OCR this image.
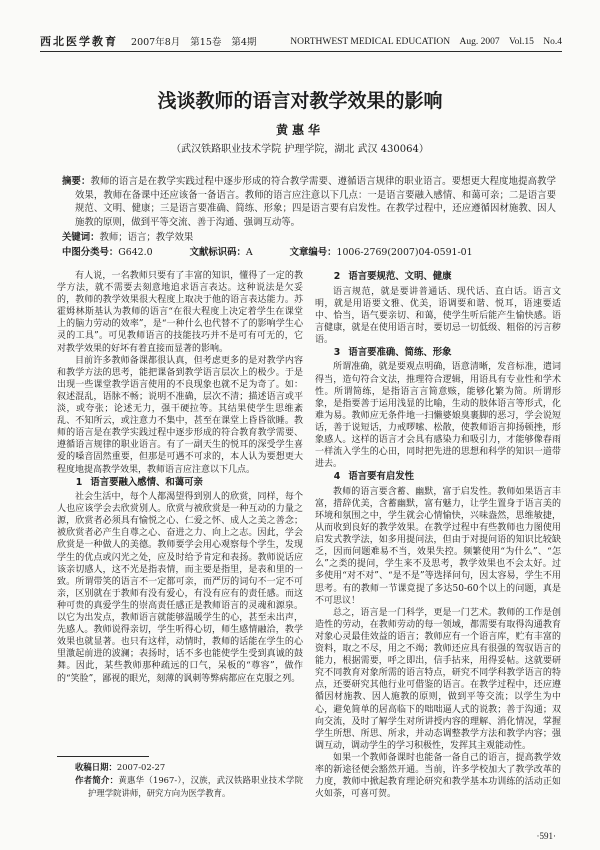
西北医学教育 2007年8月 第15卷 第4期	NORTHWEST MEDICAL EDUCATION Aug. 2007 Vol.15 No.4
浅谈教师的语言对教学效果的影响
黄惠华
（武汉铁路职业技术学院 护理学院，湖北 武汉 430064）
摘要：教师的语言是在教学实践过程中逐步形成的符合教学需要、遵循语言规律的职业语言。要想更大程度地提高教学效果，教师在备课中还应该备一备语言。教师的语言应注意以下几点：一是语言要融入感情、和蔼可亲；二是语言要规范、文明、健康；三是语言要准确、简练、形象；四是语言要有启发性。在教学过程中，还应遵循因材施教、因人施教的原则，做到平等交流、善于沟通、强调互动等。
关键词：教师；语言；教学效果
中图分类号：G642.0	文献标识码：A	文章编号：1006-2769(2007)04-0591-01

有人说，一名教师只要有了丰富的知识，懂得了一定的教学方法，就不需要去刻意地追求语言表达。这种说法是欠妥的，教师的教学效果很大程度上取决于他的语言表达能力。苏霍姆林斯基认为教师的语言“在很大程度上决定着学生在课堂上的脑力劳动的效率”，是“一种什么也代替不了的影响学生心灵的工具”。可见教师语言的技能技巧并不是可有可无的，它对教学效果的好坏有着直接而显著的影响。

目前许多教师备课都很认真，但考虑更多的是对教学内容和教学方法的思考，能把课备到教学语言层次上的极少。于是出现一些课堂教学语言使用的不良现象也就不足为奇了。如：叙述混乱，语脉不畅；说明不准确，层次不清；描述语言或平淡，或夸张；论述无力，强干硬拉等。其结果使学生思维紊乱、不知所云，或注意力不集中，甚至在课堂上昏昏欲睡。教师的语言是在教学实践过程中逐步形成的符合教育教学需要、遵循语言规律的职业语言。有了一副天生的悦耳的深受学生喜爱的嗓音固然重要，但那是可遇不可求的，本人认为要想更大程度地提高教学效果，教师语言应注意以下几点。

1 语言要融入感情、和蔼可亲

社会生活中，每个人都渴望得到别人的欣赏，同样，每个人也应该学会去欣赏别人。欣赏与被欣赏是一种互动的力量之源，欣赏者必须具有愉悦之心、仁爱之怀、成人之美之善念；被欣赏者必产生自尊之心、奋进之力、向上之志。因此，学会欣赏是一种做人的美德。教师要学会用心观察每个学生，发现学生的优点或闪光之处，应及时给予肯定和表扬。教师说话应该亲切感人，这不光是指表情，而主要是指里，是表和里的一致。所谓带笑的语言不一定都可亲，而严厉的词句不一定不可亲，区别就在于教师有没有爱心，有没有应有的责任感。而这种可贵的真爱学生的崇高责任感正是教师语言的灵魂和源泉。以它为出发点，教师语言就能够温暖学生的心，甚至未出声，先感人。教师说得亲切，学生听得心切，师生感情融洽，教学效果也就显著。也只有这样，动情时，教师的话能在学生的心里激起前进的波澜；表扬时，话不多也能使学生受到真诚的鼓舞。因此，某些教师那种疏远的口气，呆板的“尊容”，做作的“笑脸”，鄙视的眼光，刻薄的讽刺等弊病都应在克服之列。

2 语言要规范、文明、健康

语言规范，就是要讲普通话、现代话、直白话。语言文明，就是用语要文雅、优美，语调要和谐、悦耳，语速要适中、恰当，语气要亲切、和蔼，使学生听后能产生愉快感。语言健康，就是在使用语言时，要切忌一切低级、粗俗的污言秽语。

3 语言要准确、简练、形象

所谓准确，就是要观点明确，语意清晰，发音标准，遣词得当，造句符合文法，推理符合逻辑，用语具有专业性和学术性。所谓简练，是指语言言简意赅，能够化繁为简。所谓形象，是指要善于运用浅显的比喻，生动的肢体语言等形式，化难为易。教师应无条件地一扫懒婆娘臭裹脚的恶习，学会说短话，善于说短话，力戒啰嗦、松散，使教师语言抑扬顿挫，形象感人。这样的语言才会具有感染力和吸引力，才能够像春雨一样流入学生的心田，同时把先进的思想和科学的知识一道带进去。

4 语言要有启发性

教师的语言要含蓄、幽默，富于启发性。教师如果语言丰富，措辞优美，含蓄幽默，富有魅力，让学生置身于语言美的环境和氛围之中，学生就会心情愉快，兴味盎然，思维敏捷，从而收到良好的教学效果。在教学过程中有些教师也力图使用启发式教学法，如多用提问法，但由于对提问语的知识比较缺乏，因而问题难易不当，效果失控。频繁使用“为什么”、“怎么”之类的提问，学生来不及思考，教学效果也不会太好。过多使用“对不对”、“是不是”等选择问句，因太容易，学生不用思考。有的教师一节课竟提了多达50-60个以上的问题，真是不可思议！

总之，语言是一门科学，更是一门艺术。教师的工作是创造性的劳动，在教师劳动的每一领域，都需要有取得沟通教育对象心灵最佳效益的语言；教师应有一个语言库，贮有丰富的资料，取之不尽，用之不竭；教师还应具有很强的驾驭语言的能力，根据需要，呼之即出，信手拈来，用得妥帖。这就要研究不同教育对象所需的语言特点，研究不同学科教学语言的特点，还要研究其他行业可借鉴的语言。在教学过程中，还应遵循因材施教、因人施教的原则，做到平等交流；以学生为中心，避免简单的居高临下的咄咄逼人式的说教；善于沟通；双向交流，及时了解学生对所讲授内容的理解、消化情况，掌握学生所想、所思、所求，并动态调整教学方法和教学内容；强调互动，调动学生的学习积极性，发挥其主观能动性。

如果一个教师备课时也能备一备自己的语言，提高教学效率的新途径便会豁然开通。当前，许多学校加大了教学改革的力度，教师中掀起教育理论研究和教学基本功训练的活动正如火如荼，可喜可贺。

收稿日期：2007-02-27

作者简介：黄惠华（1967-），汉族，武汉铁路职业技术学院护理学院讲师，研究方向为医学教育。

·591·
